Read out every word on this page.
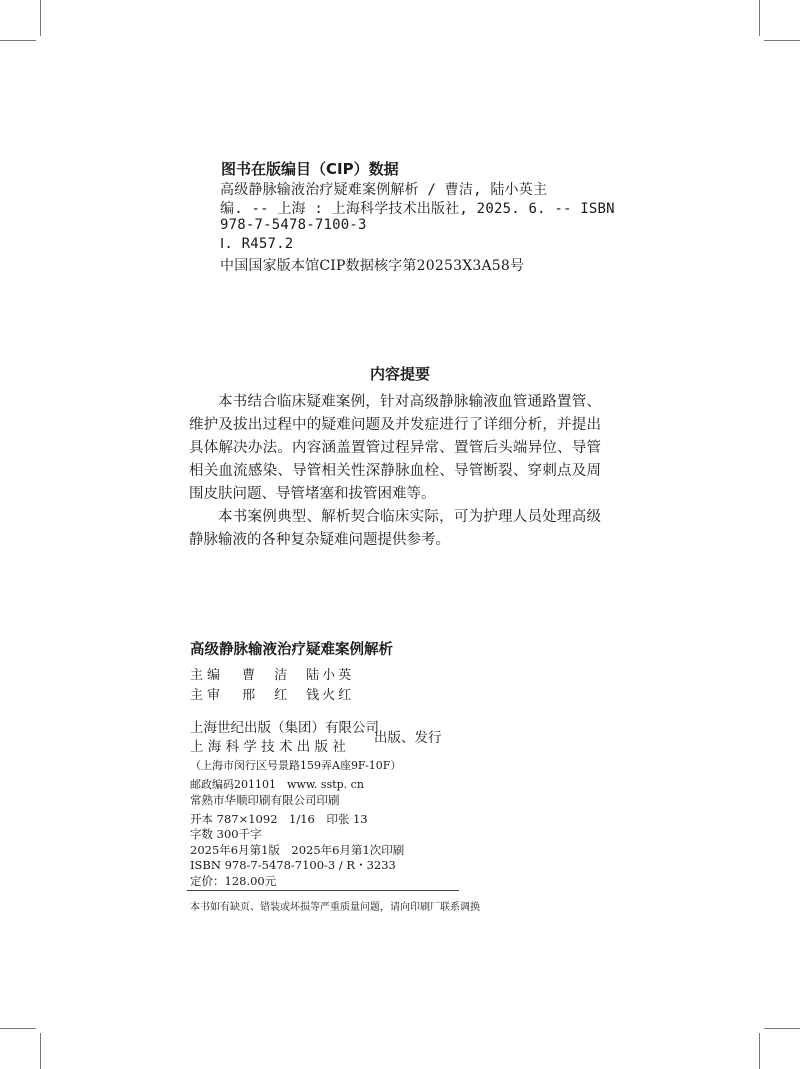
图书在版编目（CIP）数据
高级静脉输液治疗疑难案例解析 / 曹洁, 陆小英主
编. -- 上海 : 上海科学技术出版社, 2025. 6. -- ISBN
978-7-5478-7100-3
Ⅰ. R457.2
中国国家版本馆CIP数据核字第20253X3A58号
内容提要

本书结合临床疑难案例，针对高级静脉输液血管通路置管、维护及拔出过程中的疑难问题及并发症进行了详细分析，并提出具体解决办法。内容涵盖置管过程异常、置管后头端异位、导管相关血流感染、导管相关性深静脉血栓、导管断裂、穿刺点及周围皮肤问题、导管堵塞和拔管困难等。

本书案例典型、解析契合临床实际，可为护理人员处理高级静脉输液的各种复杂疑难问题提供参考。

高级静脉输液治疗疑难案例解析
主编 曹　洁　陆小英
主审 邢　红　钱火红
上海世纪出版（集团）有限公司
上 海 科 学 技 术 出 版 社
出版、发行
（上海市闵行区号景路159弄A座9F-10F）
邮政编码201101　www. sstp. cn
常熟市华顺印刷有限公司印刷
开本 787×1092　1/16　印张 13
字数 300千字
2025年6月第1版　2025年6月第1次印刷
ISBN 978-7-5478-7100-3 / R・3233
定价：128.00元
本书如有缺页、错装或坏损等严重质量问题，请向印刷厂联系调换
